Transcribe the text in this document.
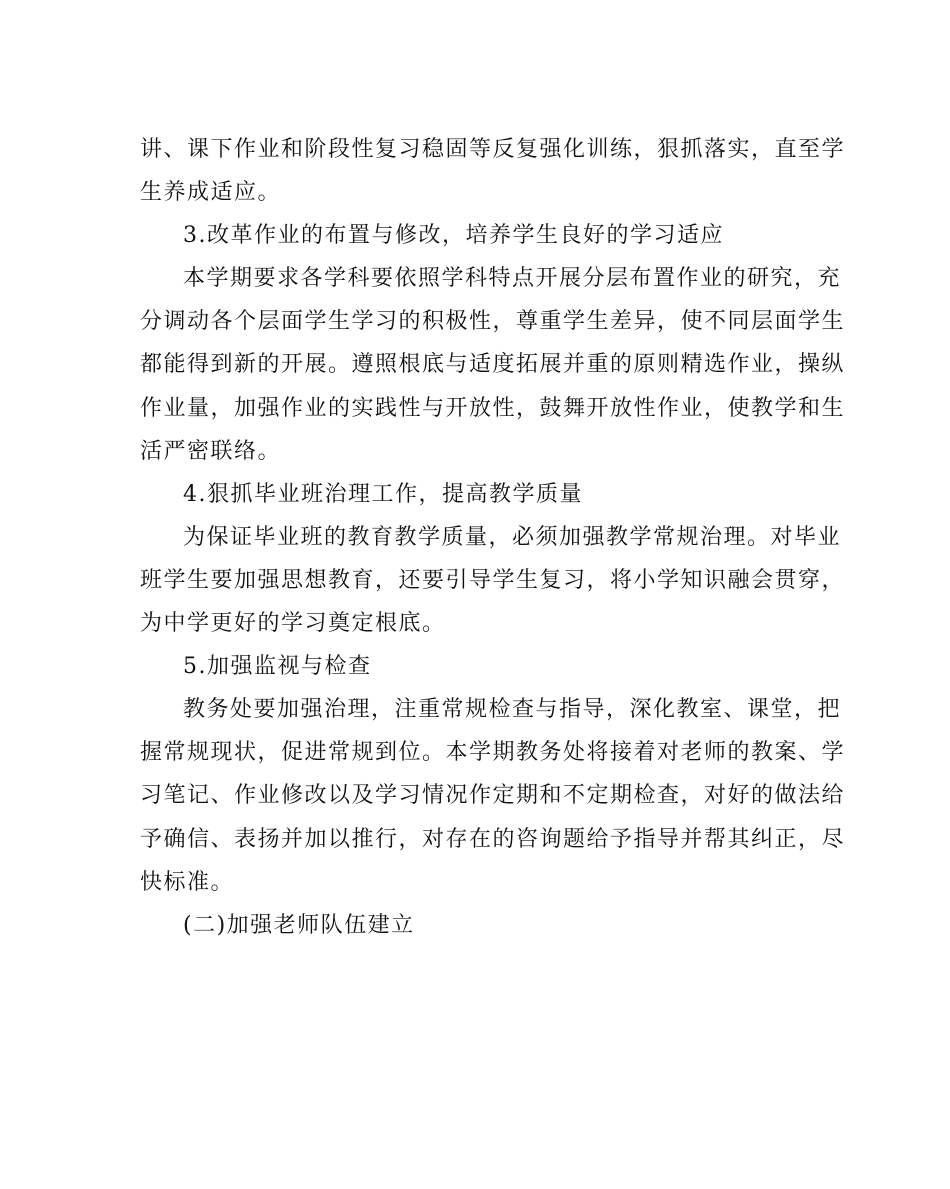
讲、课下作业和阶段性复习稳固等反复强化训练，狠抓落实，直至学
生养成适应。
3.改革作业的布置与修改，培养学生良好的学习适应
本学期要求各学科要依照学科特点开展分层布置作业的研究，充
分调动各个层面学生学习的积极性，尊重学生差异，使不同层面学生
都能得到新的开展。遵照根底与适度拓展并重的原则精选作业，操纵
作业量，加强作业的实践性与开放性，鼓舞开放性作业，使教学和生
活严密联络。
4.狠抓毕业班治理工作，提高教学质量
为保证毕业班的教育教学质量，必须加强教学常规治理。对毕业
班学生要加强思想教育，还要引导学生复习，将小学知识融会贯穿，
为中学更好的学习奠定根底。
5.加强监视与检查
教务处要加强治理，注重常规检查与指导，深化教室、课堂，把
握常规现状，促进常规到位。本学期教务处将接着对老师的教案、学
习笔记、作业修改以及学习情况作定期和不定期检查，对好的做法给
予确信、表扬并加以推行，对存在的咨询题给予指导并帮其纠正，尽
快标准。
(二)加强老师队伍建立
